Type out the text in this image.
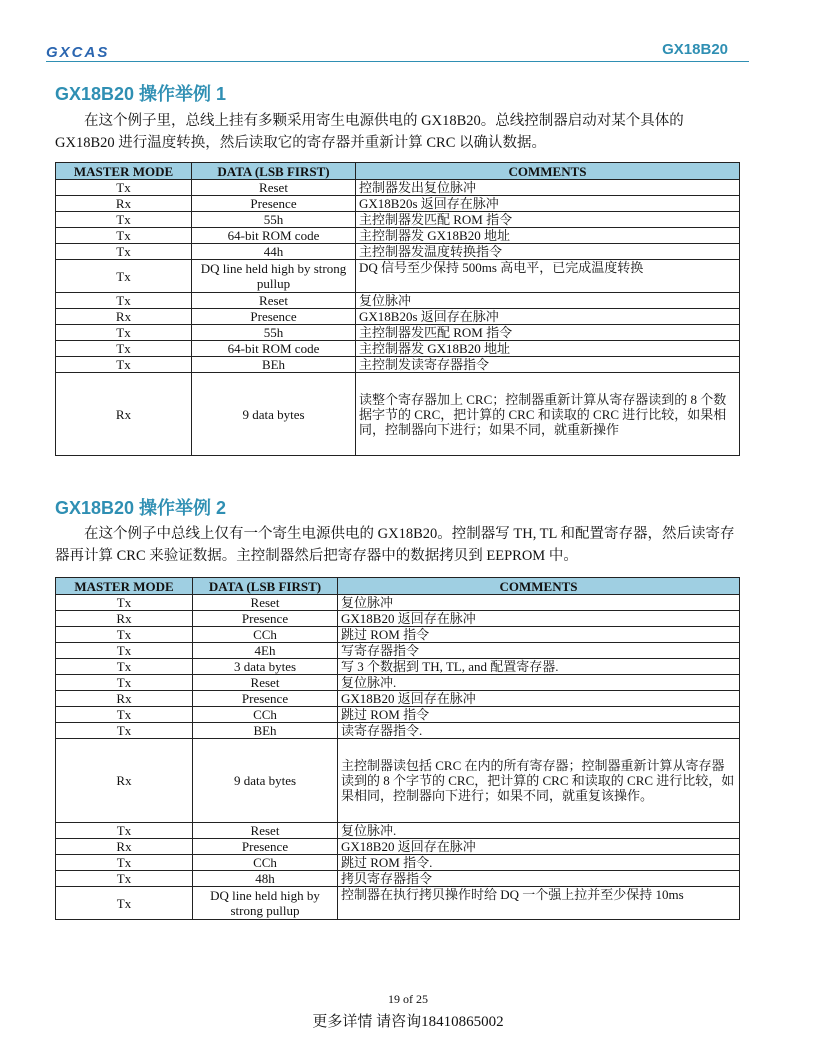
GXCAS	GX18B20
GX18B20 操作举例 1

在这个例子里，总线上挂有多颗采用寄生电源供电的 GX18B20。总线控制器启动对某个具体的 GX18B20 进行温度转换，然后读取它的寄存器并重新计算 CRC 以确认数据。

MASTER MODE	DATA (LSB FIRST)	COMMENTS
Tx	Reset	控制器发出复位脉冲
Rx	Presence	GX18B20s 返回存在脉冲
Tx	55h	主控制器发匹配 ROM 指令
Tx	64-bit ROM code	主控制器发 GX18B20 地址
Tx	44h	主控制器发温度转换指令
Tx	DQ line held high by strong pullup	DQ 信号至少保持 500ms 高电平，已完成温度转换
Tx	Reset	复位脉冲
Rx	Presence	GX18B20s 返回存在脉冲
Tx	55h	主控制器发匹配 ROM 指令
Tx	64-bit ROM code	主控制器发 GX18B20 地址
Tx	BEh	主控制发读寄存器指令
Rx	9 data bytes	读整个寄存器加上 CRC；控制器重新计算从寄存器读到的 8 个数据字节的 CRC，把计算的 CRC 和读取的 CRC 进行比较，如果相同，控制器向下进行；如果不同，就重新操作
GX18B20 操作举例 2

在这个例子中总线上仅有一个寄生电源供电的 GX18B20。控制器写 TH, TL 和配置寄存器，然后读寄存器再计算 CRC 来验证数据。主控制器然后把寄存器中的数据拷贝到 EEPROM 中。

MASTER MODE	DATA (LSB FIRST)	COMMENTS
Tx	Reset	复位脉冲
Rx	Presence	GX18B20 返回存在脉冲
Tx	CCh	跳过 ROM 指令
Tx	4Eh	写寄存器指令
Tx	3 data bytes	写 3 个数据到 TH, TL, and 配置寄存器.
Tx	Reset	复位脉冲.
Rx	Presence	GX18B20 返回存在脉冲
Tx	CCh	跳过 ROM 指令
Tx	BEh	读寄存器指令.
Rx	9 data bytes	主控制器读包括 CRC 在内的所有寄存器；控制器重新计算从寄存器读到的 8 个字节的 CRC，把计算的 CRC 和读取的 CRC 进行比较，如果相同，控制器向下进行；如果不同，就重复该操作。
Tx	Reset	复位脉冲.
Rx	Presence	GX18B20 返回存在脉冲
Tx	CCh	跳过 ROM 指令.
Tx	48h	拷贝寄存器指令
Tx	DQ line held high by strong pullup	控制器在执行拷贝操作时给 DQ 一个强上拉并至少保持 10ms
19 of 25
更多详情 请咨询18410865002
